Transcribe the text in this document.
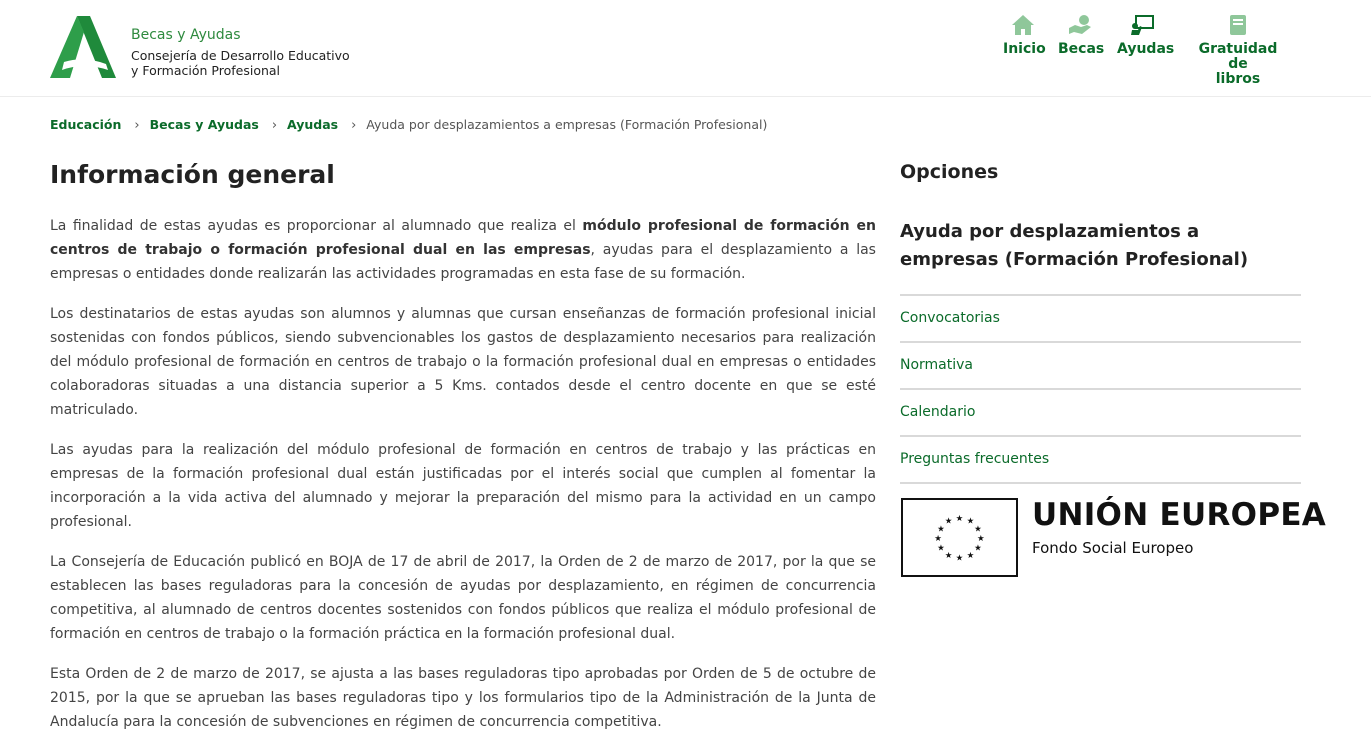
Becas y Ayudas
Consejería de Desarrollo Educativo
y Formación Profesional
Inicio Becas Ayudas	Gratuidad de
libros
Educación › Becas y Ayudas › Ayudas › Ayuda por desplazamientos a empresas (Formación Profesional)
Información general

La finalidad de estas ayudas es proporcionar al alumnado que realiza el módulo profesional de formación en centros de trabajo o formación profesional dual en las empresas, ayudas para el desplazamiento a las empresas o entidades donde realizarán las actividades programadas en esta fase de su formación.

Los destinatarios de estas ayudas son alumnos y alumnas que cursan enseñanzas de formación profesional inicial sostenidas con fondos públicos, siendo subvencionables los gastos de desplazamiento necesarios para realización del módulo profesional de formación en centros de trabajo o la formación profesional dual en empresas o entidades colaboradoras situadas a una distancia superior a 5 Kms. contados desde el centro docente en que se esté matriculado.

Las ayudas para la realización del módulo profesional de formación en centros de trabajo y las prácticas en empresas de la formación profesional dual están justificadas por el interés social que cumplen al fomentar la incorporación a la vida activa del alumnado y mejorar la preparación del mismo para la actividad en un campo profesional.

La Consejería de Educación publicó en BOJA de 17 de abril de 2017, la Orden de 2 de marzo de 2017, por la que se establecen las bases reguladoras para la concesión de ayudas por desplazamiento, en régimen de concurrencia competitiva, al alumnado de centros docentes sostenidos con fondos públicos que realiza el módulo profesional de formación en centros de trabajo o la formación práctica en la formación profesional dual.

Esta Orden de 2 de marzo de 2017, se ajusta a las bases reguladoras tipo aprobadas por Orden de 5 de octubre de 2015, por la que se aprueban las bases reguladoras tipo y los formularios tipo de la Administración de la Junta de Andalucía para la concesión de subvenciones en régimen de concurrencia competitiva.

Opciones
Ayuda por desplazamientos a empresas (Formación Profesional)
Convocatorias
Normativa
Calendario
Preguntas frecuentes
★ ★
★
★
★
★
★
★
★
★
★
★	UNIÓN EUROPEA
Fondo Social Europeo
